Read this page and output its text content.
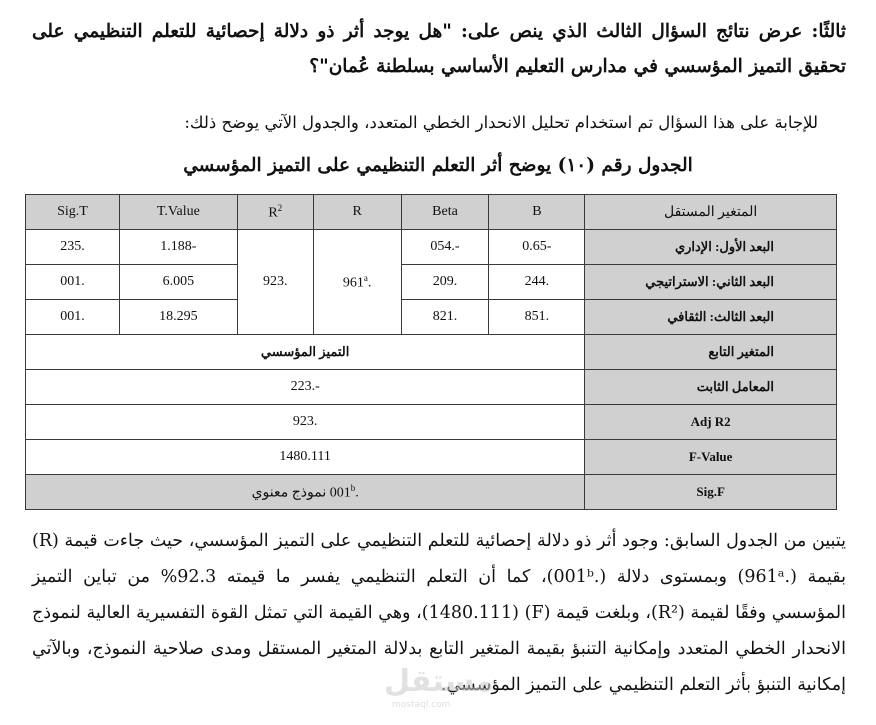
ثالثًا: عرض نتائج السؤال الثالث الذي ينص على: "هل يوجد أثر ذو دلالة إحصائية للتعلم التنظيمي على تحقيق التميز المؤسسي في مدارس التعليم الأساسي بسلطنة عُمان"؟
للإجابة على هذا السؤال تم استخدام تحليل الانحدار الخطي المتعدد، والجدول الآتي يوضح ذلك:
الجدول رقم (١٠) يوضح أثر التعلم التنظيمي على التميز المؤسسي
المتغير المستقل	B	Beta	R	$R^2$	T.Value	Sig.T
البعد الأول: الإداري	-0.65	-.054	.961$^a$	.923	-1.188	.235
البعد الثاني: الاستراتيجي	.244	.209			6.005	.001
البعد الثالث: الثقافي	.851	.821			18.295	.001
المتغير التابع	التميز المؤسسي					
المعامل الثابت	-.223					
Adj R2	.923					
F-Value	1480.111					
Sig.F	.001$^b$ نموذج معنوي					

يتبين من الجدول السابق: وجود أثر ذو دلالة إحصائية للتعلم التنظيمي على التميز المؤسسي، حيث جاءت قيمة (R) بقيمة (.961ᵃ) وبمستوى دلالة (.001ᵇ)، كما أن التعلم التنظيمي يفسر ما قيمته 92.3% من تباين التميز المؤسسي وفقًا لقيمة (R²)، وبلغت قيمة (F) (1480.111)، وهي القيمة التي تمثل القوة التفسيرية العالية لنموذج الانحدار الخطي المتعدد وإمكانية التنبؤ بقيمة المتغير التابع بدلالة المتغير المستقل ومدى صلاحية النموذج، وبالآتي إمكانية التنبؤ بأثر التعلم التنظيمي على التميز المؤسسي.

مستقل
mostaql.com
